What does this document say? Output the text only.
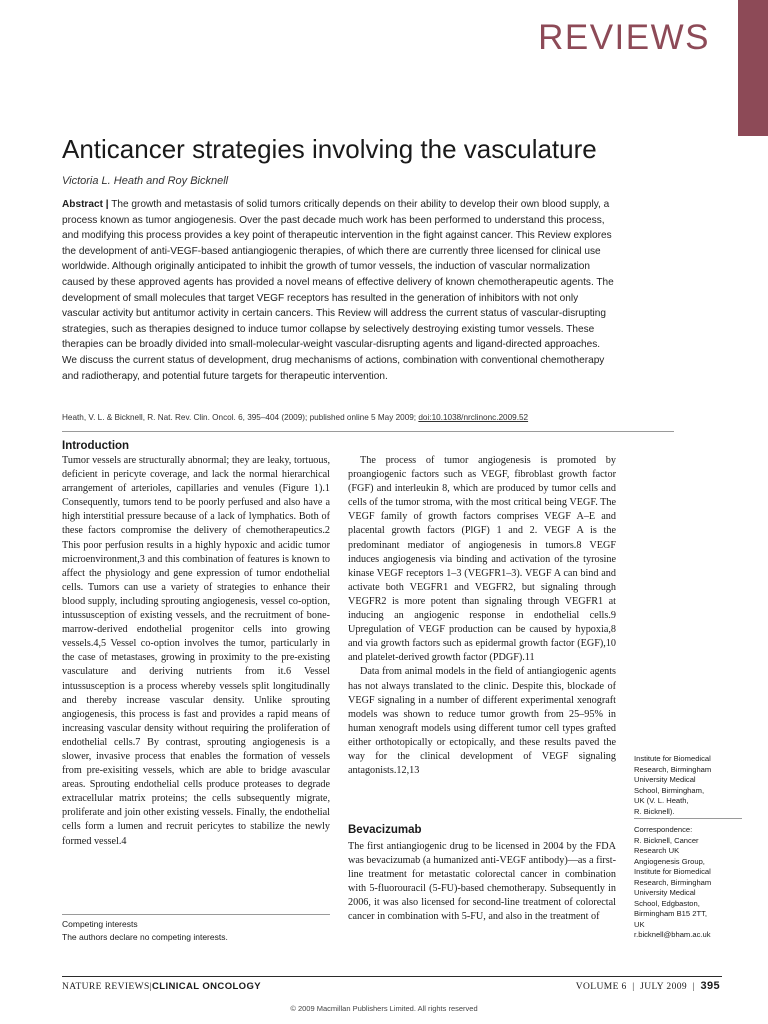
REVIEWS
Anticancer strategies involving the vasculature
Victoria L. Heath and Roy Bicknell

Abstract | The growth and metastasis of solid tumors critically depends on their ability to develop their own blood supply, a process known as tumor angiogenesis. Over the past decade much work has been performed to understand this process, and modifying this process provides a key point of therapeutic intervention in the fight against cancer. This Review explores the development of anti-VEGF-based antiangiogenic therapies, of which there are currently three licensed for clinical use worldwide. Although originally anticipated to inhibit the growth of tumor vessels, the induction of vascular normalization caused by these approved agents has provided a novel means of effective delivery of known chemotherapeutic agents. The development of small molecules that target VEGF receptors has resulted in the generation of inhibitors with not only vascular activity but antitumor activity in certain cancers. This Review will address the current status of vascular-disrupting strategies, such as therapies designed to induce tumor collapse by selectively destroying existing tumor vessels. These therapies can be broadly divided into small-molecular-weight vascular-disrupting agents and ligand-directed approaches. We discuss the current status of development, drug mechanisms of actions, combination with conventional chemotherapy and radiotherapy, and potential future targets for therapeutic intervention.

Heath, V. L. & Bicknell, R. Nat. Rev. Clin. Oncol. 6, 395–404 (2009); published online 5 May 2009; doi:10.1038/nrclinonc.2009.52
Introduction

Tumor vessels are structurally abnormal; they are leaky, tortuous, deficient in pericyte coverage, and lack the normal hierarchical arrangement of arterioles, capillaries and venules (Figure 1).1 Consequently, tumors tend to be poorly perfused and also have a high interstitial pressure because of a lack of lymphatics. Both of these factors compromise the delivery of chemotherapeutics.2 This poor perfusion results in a highly hypoxic and acidic tumor microenvironment,3 and this combination of features is known to affect the physiology and gene expression of tumor endothelial cells. Tumors can use a variety of strategies to enhance their blood supply, including sprouting angiogenesis, vessel co-option, intussusception of existing vessels, and the recruitment of bone-marrow-derived endothelial progenitor cells into growing vessels.4,5 Vessel co-option involves the tumor, particularly in the case of metastases, growing in proximity to the pre-existing vasculature and deriving nutrients from it.6 Vessel intussusception is a process whereby vessels split longitudinally and thereby increase vascular density. Unlike sprouting angiogenesis, this process is fast and provides a rapid means of increasing vascular density without requiring the proliferation of endothelial cells.7 By contrast, sprouting angiogenesis is a slower, invasive process that enables the formation of vessels from pre-exisiting vessels, which are able to bridge avascular areas. Sprouting endothelial cells produce proteases to degrade extracellular matrix proteins; the cells subsequently migrate, proliferate and join other existing vessels. Finally, the endothelial cells form a lumen and recruit pericytes to stabilize the newly formed vessel.4

The process of tumor angiogenesis is promoted by proangiogenic factors such as VEGF, fibroblast growth factor (FGF) and interleukin 8, which are produced by tumor cells and cells of the tumor stroma, with the most critical being VEGF. The VEGF family of growth factors comprises VEGF A–E and placental growth factors (PlGF) 1 and 2. VEGF A is the predominant mediator of angiogenesis in tumors.8 VEGF induces angiogenesis via binding and activation of the tyrosine kinase VEGF receptors 1–3 (VEGFR1–3). VEGF A can bind and activate both VEGFR1 and VEGFR2, but signaling through VEGFR2 is more potent than signaling through VEGFR1 at inducing an angiogenic response in endothelial cells.9 Upregulation of VEGF production can be caused by hypoxia,8 and via growth factors such as epidermal growth factor (EGF),10 and platelet-derived growth factor (PDGF).11

Data from animal models in the field of antiangiogenic agents has not always translated to the clinic. Despite this, blockade of VEGF signaling in a number of different experimental xenograft models was shown to reduce tumor growth from 25–95% in human xenograft models using different tumor cell types grafted either orthotopically or ectopically, and these results paved the way for the clinical development of VEGF signaling antagonists.12,13

Bevacizumab

The first antiangiogenic drug to be licensed in 2004 by the FDA was bevacizumab (a humanized anti-VEGF antibody)—as a first-line treatment for metastatic colorectal cancer in combination with 5-fluorouracil (5-FU)-based chemotherapy. Subsequently in 2006, it was also licensed for second-line treatment of colorectal cancer in combination with 5-FU, and also in the treatment of

Competing interests
The authors declare no competing interests.
Institute for Biomedical
Research, Birmingham
University Medical
School, Birmingham,
UK (V. L. Heath,
R. Bicknell).
Correspondence:
R. Bicknell, Cancer
Research UK
Angiogenesis Group,
Institute for Biomedical
Research, Birmingham
University Medical
School, Edgbaston,
Birmingham B15 2TT,
UK
r.bicknell@bham.ac.uk
NATURE REVIEWS|CLINICAL ONCOLOGY	VOLUME 6  |  JULY 2009  |  395
© 2009 Macmillan Publishers Limited. All rights reserved
